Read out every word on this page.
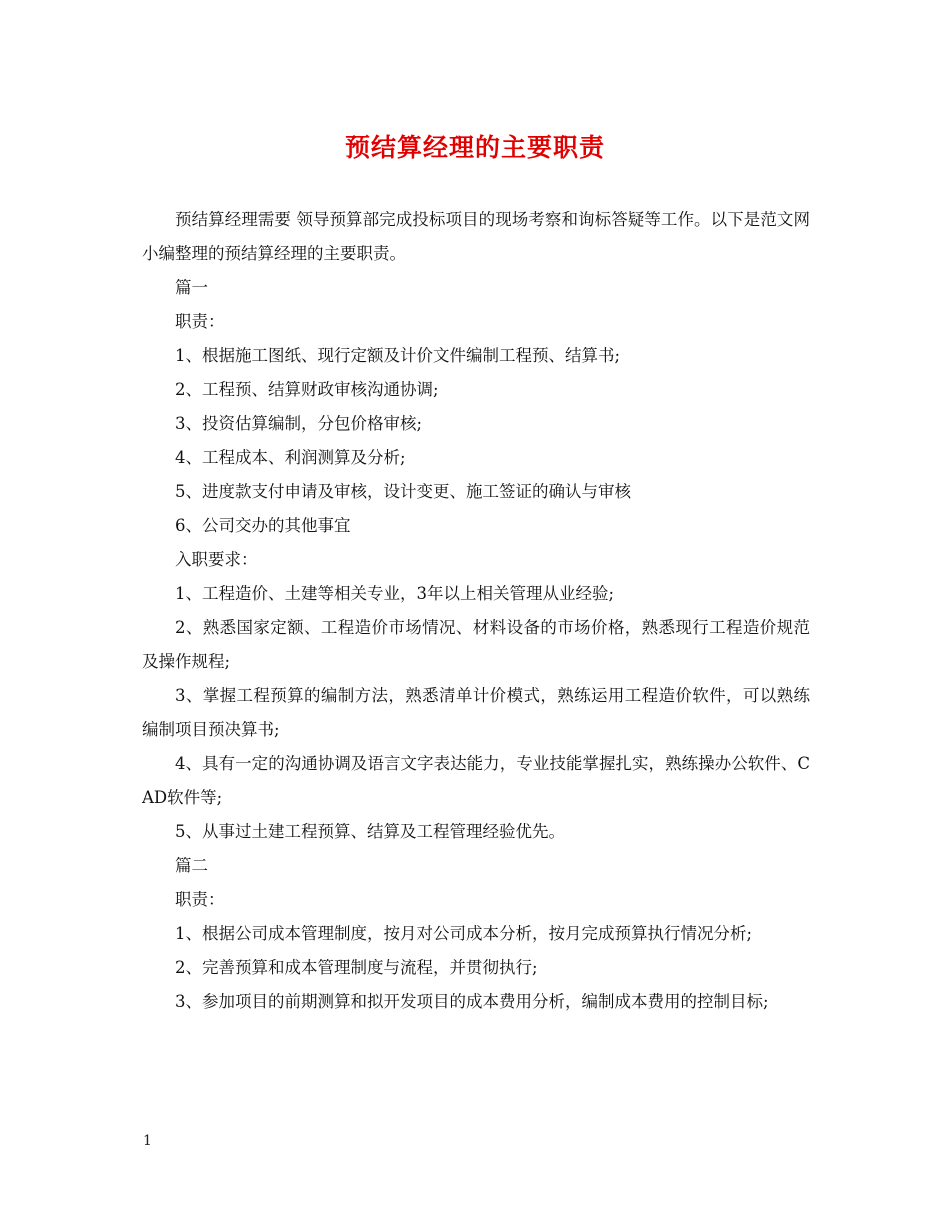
预结算经理的主要职责

预结算经理需要 领导预算部完成投标项目的现场考察和询标答疑等工作。以下是范文网小编整理的预结算经理的主要职责。

篇一

职责：

1、根据施工图纸、现行定额及计价文件编制工程预、结算书;

2、工程预、结算财政审核沟通协调;

3、投资估算编制，分包价格审核;

4、工程成本、利润测算及分析;

5、进度款支付申请及审核，设计变更、施工签证的确认与审核

6、公司交办的其他事宜

入职要求：

1、工程造价、土建等相关专业，3年以上相关管理从业经验;

2、熟悉国家定额、工程造价市场情况、材料设备的市场价格，熟悉现行工程造价规范及操作规程;

3、掌握工程预算的编制方法，熟悉清单计价模式，熟练运用工程造价软件，可以熟练编制项目预决算书;

4、具有一定的沟通协调及语言文字表达能力，专业技能掌握扎实，熟练操办公软件、CAD软件等;

5、从事过土建工程预算、结算及工程管理经验优先。

篇二

职责：

1、根据公司成本管理制度，按月对公司成本分析，按月完成预算执行情况分析;

2、完善预算和成本管理制度与流程，并贯彻执行;

3、参加项目的前期测算和拟开发项目的成本费用分析，编制成本费用的控制目标;

1
